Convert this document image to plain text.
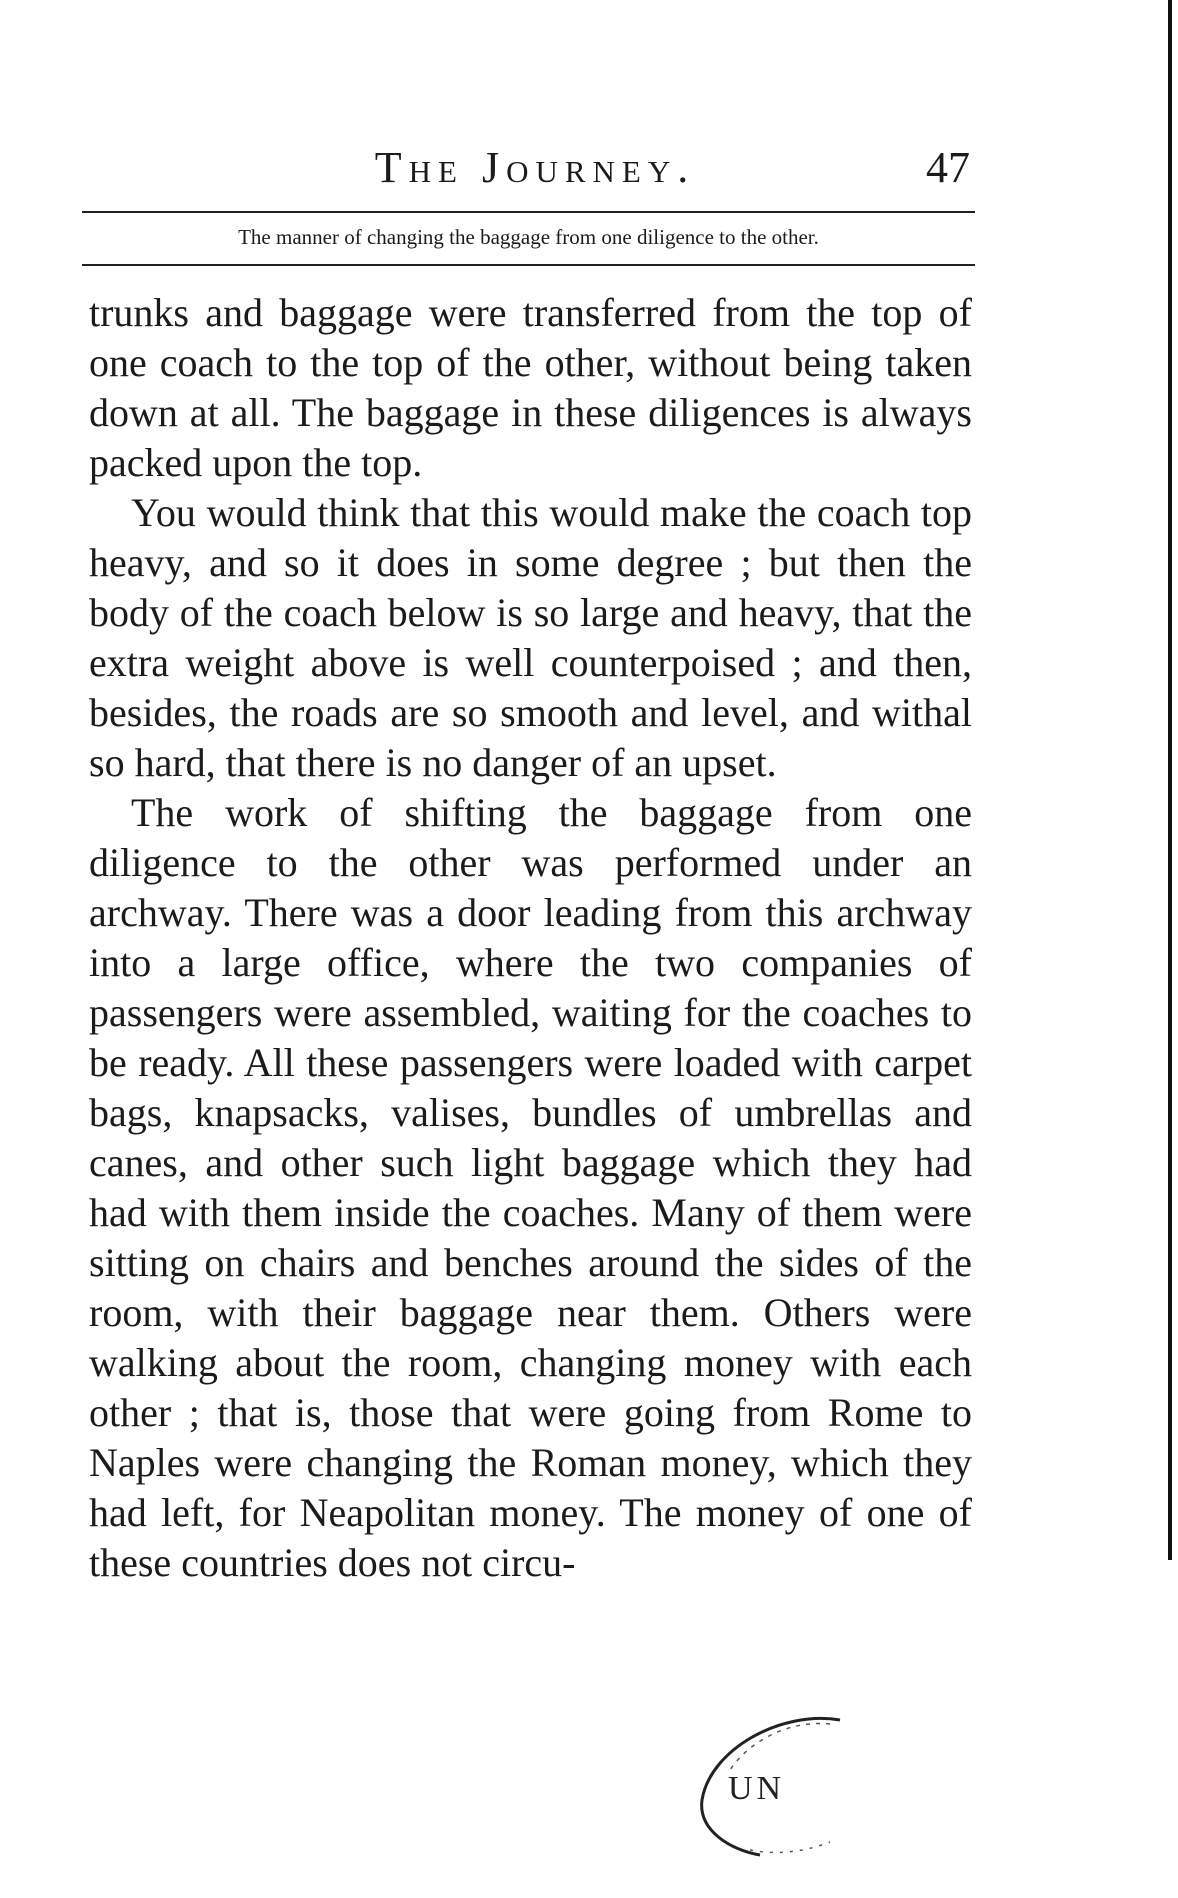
The Journey.	47
The manner of changing the baggage from one diligence to the other.

trunks and baggage were transferred from the top of one coach to the top of the other, without being taken down at all. The baggage in these diligences is always packed upon the top.

You would think that this would make the coach top heavy, and so it does in some degree ; but then the body of the coach below is so large and heavy, that the extra weight above is well counterpoised ; and then, besides, the roads are so smooth and level, and withal so hard, that there is no danger of an upset.

The work of shifting the baggage from one diligence to the other was performed under an archway. There was a door leading from this archway into a large office, where the two companies of passengers were assembled, waiting for the coaches to be ready. All these passengers were loaded with carpet bags, knapsacks, valises, bundles of umbrellas and canes, and other such light baggage which they had had with them inside the coaches. Many of them were sitting on chairs and benches around the sides of the room, with their baggage near them. Others were walking about the room, changing money with each other ; that is, those that were going from Rome to Naples were changing the Roman money, which they had left, for Neapolitan money. The money of one of these countries does not circu-

UN
